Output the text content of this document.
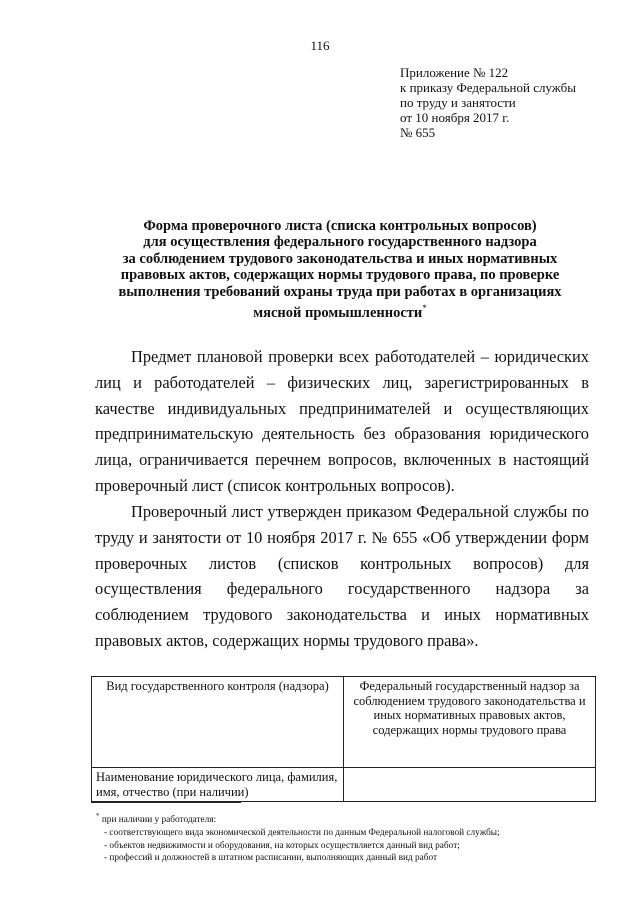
116
Приложение № 122
к приказу Федеральной службы
по труду и занятости
от 10 ноября 2017 г.
№ 655
Форма проверочного листа (списка контрольных вопросов)
для осуществления федерального государственного надзора
за соблюдением трудового законодательства и иных нормативных
правовых актов, содержащих нормы трудового права, по проверке
выполнения требований охраны труда при работах в организациях
мясной промышленности*

Предмет плановой проверки всех работодателей – юридических лиц и работодателей – физических лиц, зарегистрированных в качестве индивидуальных предпринимателей и осуществляющих предпринимательскую деятельность без образования юридического лица, ограничивается перечнем вопросов, включенных в настоящий проверочный лист (список контрольных вопросов).

Проверочный лист утвержден приказом Федеральной службы по труду и занятости от 10 ноября 2017 г. № 655 «Об утверждении форм проверочных листов (списков контрольных вопросов) для осуществления федерального государственного надзора за соблюдением трудового законодательства и иных нормативных правовых актов, содержащих нормы трудового права».

Вид государственного контроля (надзора)	Федеральный государственный надзор за соблюдением трудового законодательства и иных нормативных правовых актов, содержащих нормы трудового права
Наименование юридического лица, фамилия, имя, отчество (при наличии)	
* при наличии у работодателя:
- соответствующего вида экономической деятельности по данным Федеральной налоговой службы;
- объектов недвижимости и оборудования, на которых осуществляется данный вид работ;
- профессий и должностей в штатном расписании, выполняющих данный вид работ
